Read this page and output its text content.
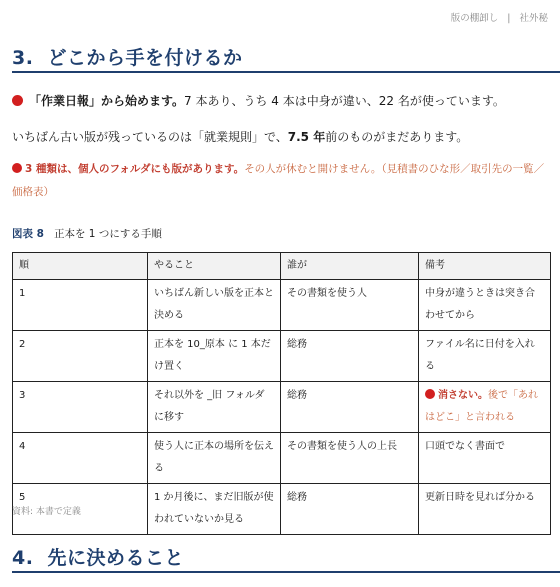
版の棚卸し | 社外秘
3. どこから手を付けるか
「作業日報」から始めます。7 本あり、うち 4 本は中身が違い、22 名が使っています。
いちばん古い版が残っているのは「就業規則」で、7.5 年前のものがまだあります。
3 種類は、個人のフォルダにも版があります。その人が休むと開けません。（見積書のひな形／取引先の一覧／価格表）
図表 8 正本を 1 つにする手順
順	やること	誰が	備考
1	いちばん新しい版を正本と決める	その書類を使う人	中身が違うときは突き合わせてから
2	正本を 10_原本 に 1 本だけ置く	総務	ファイル名に日付を入れる
3	それ以外を _旧 フォルダに移す	総務	消さない。後で「あれはどこ」と言われる
4	使う人に正本の場所を伝える	その書類を使う人の上長	口頭でなく書面で
5	1 か月後に、まだ旧版が使われていないか見る	総務	更新日時を見れば分かる
資料: 本書で定義
4. 先に決めること
